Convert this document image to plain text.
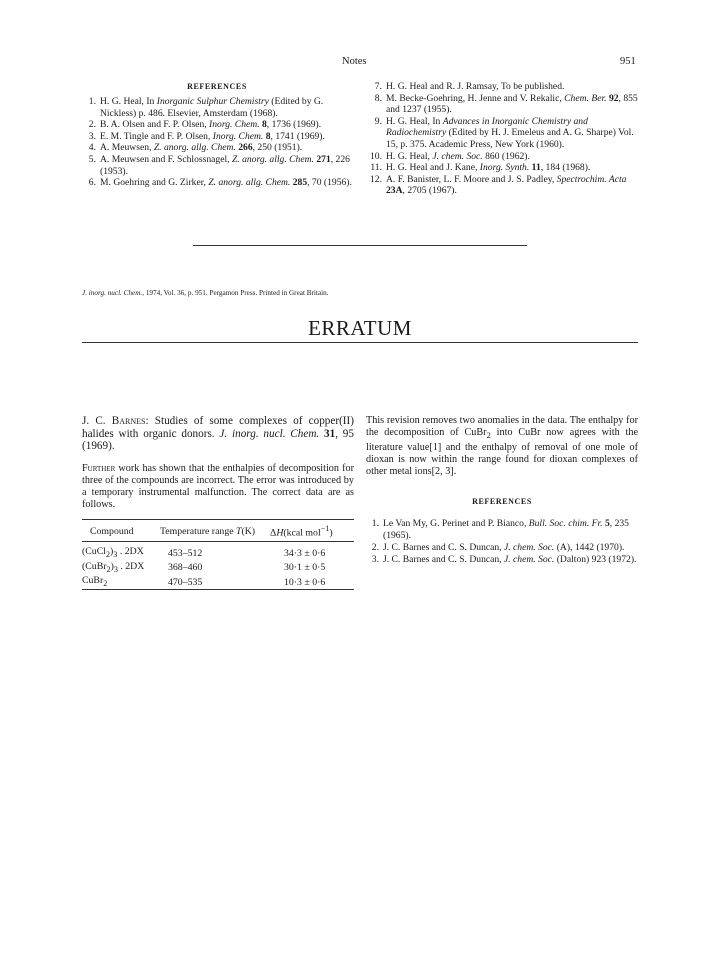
Notes	951
REFERENCES
1. H. G. Heal, In Inorganic Sulphur Chemistry (Edited by G. Nickless) p. 486. Elsevier, Amsterdam (1968).
2. B. A. Olsen and F. P. Olsen, Inorg. Chem. 8, 1736 (1969).
3. E. M. Tingle and F. P. Olsen, Inorg. Chem. 8, 1741 (1969).
4. A. Meuwsen, Z. anorg. allg. Chem. 266, 250 (1951).
5. A. Meuwsen and F. Schlossnagel, Z. anorg. allg. Chem. 271, 226 (1953).
6. M. Goehring and G. Zirker, Z. anorg. allg. Chem. 285, 70 (1956).
7. H. G. Heal and R. J. Ramsay, To be published.
8. M. Becke-Goehring, H. Jenne and V. Rekalic, Chem. Ber. 92, 855 and 1237 (1955).
9. H. G. Heal, In Advances in Inorganic Chemistry and Radiochemistry (Edited by H. J. Emeleus and A. G. Sharpe) Vol. 15, p. 375. Academic Press, New York (1960).
10. H. G. Heal, J. chem. Soc. 860 (1962).
11. H. G. Heal and J. Kane, Inorg. Synth. 11, 184 (1968).
12. A. F. Banister, L. F. Moore and J. S. Padley, Spectrochim. Acta 23A, 2705 (1967).
J. inorg. nucl. Chem., 1974, Vol. 36, p. 951. Pergamon Press. Printed in Great Britain.
ERRATUM

J. C. Barnes: Studies of some complexes of copper(II) halides with organic donors. J. inorg. nucl. Chem. 31, 95 (1969).

Further work has shown that the enthalpies of decomposition for three of the compounds are incorrect. The error was introduced by a temporary instrumental malfunction. The correct data are as follows.

Compound	Temperature range T(K)	ΔH(kcal mol$^{-1}$)
$(CuCl_2)_3$ . 2DX	453–512	34·3 ± 0·6
$(CuBr_2)_3$ . 2DX	368–460	30·1 ± 0·5
CuBr$_2$	470–535	10·3 ± 0·6

This revision removes two anomalies in the data. The enthalpy for the decomposition of CuBr$_2$ into CuBr now agrees with the literature value[1] and the enthalpy of removal of one mole of dioxan is now within the range found for dioxan complexes of other metal ions[2, 3].

REFERENCES
1. Le Van My, G. Perinet and P. Bianco, Bull. Soc. chim. Fr. 5, 235 (1965).
2. J. C. Barnes and C. S. Duncan, J. chem. Soc. (A), 1442 (1970).
3. J. C. Barnes and C. S. Duncan, J. chem. Soc. (Dalton) 923 (1972).
